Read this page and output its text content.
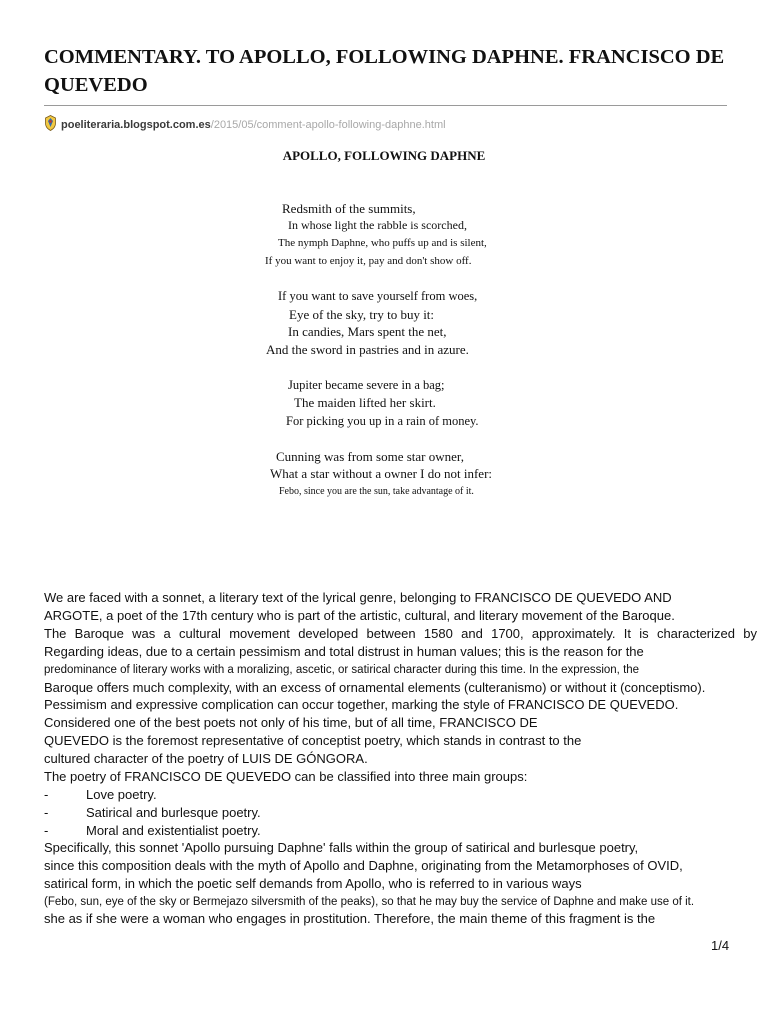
COMMENTARY. TO APOLLO, FOLLOWING DAPHNE. FRANCISCO DE QUEVEDO
poeliteraria.blogspot.com.es/2015/05/comment-apollo-following-daphne.html
APOLLO, FOLLOWING DAPHNE
Redsmith of the summits,
In whose light the rabble is scorched,
The nymph Daphne, who puffs up and is silent,
If you want to enjoy it, pay and don't show off.
If you want to save yourself from woes,
Eye of the sky, try to buy it:
In candies, Mars spent the net,
And the sword in pastries and in azure.
Jupiter became severe in a bag;
The maiden lifted her skirt.
For picking you up in a rain of money.
Cunning was from some star owner,
What a star without a owner I do not infer:
Febo, since you are the sun, take advantage of it.
We are faced with a sonnet, a literary text of the lyrical genre, belonging to FRANCISCO DE QUEVEDO AND
ARGOTE, a poet of the 17th century who is part of the artistic, cultural, and literary movement of the Baroque.
The Baroque was a cultural movement developed between 1580 and 1700, approximately. It is characterized by
Regarding ideas, due to a certain pessimism and total distrust in human values; this is the reason for the
predominance of literary works with a moralizing, ascetic, or satirical character during this time. In the expression, the
Baroque offers much complexity, with an excess of ornamental elements (culteranismo) or without it (conceptismo).
Pessimism and expressive complication can occur together, marking the style of FRANCISCO DE QUEVEDO.
Considered one of the best poets not only of his time, but of all time, FRANCISCO DE
QUEVEDO is the foremost representative of conceptist poetry, which stands in contrast to the
cultured character of the poetry of LUIS DE GÓNGORA.
The poetry of FRANCISCO DE QUEVEDO can be classified into three main groups:
-	Love poetry.
-	Satirical and burlesque poetry.
-	Moral and existentialist poetry.
Specifically, this sonnet 'Apollo pursuing Daphne' falls within the group of satirical and burlesque poetry,
since this composition deals with the myth of Apollo and Daphne, originating from the Metamorphoses of OVID,
satirical form, in which the poetic self demands from Apollo, who is referred to in various ways
(Febo, sun, eye of the sky or Bermejazo silversmith of the peaks), so that he may buy the service of Daphne and make use of it.
she as if she were a woman who engages in prostitution. Therefore, the main theme of this fragment is the
1/4
